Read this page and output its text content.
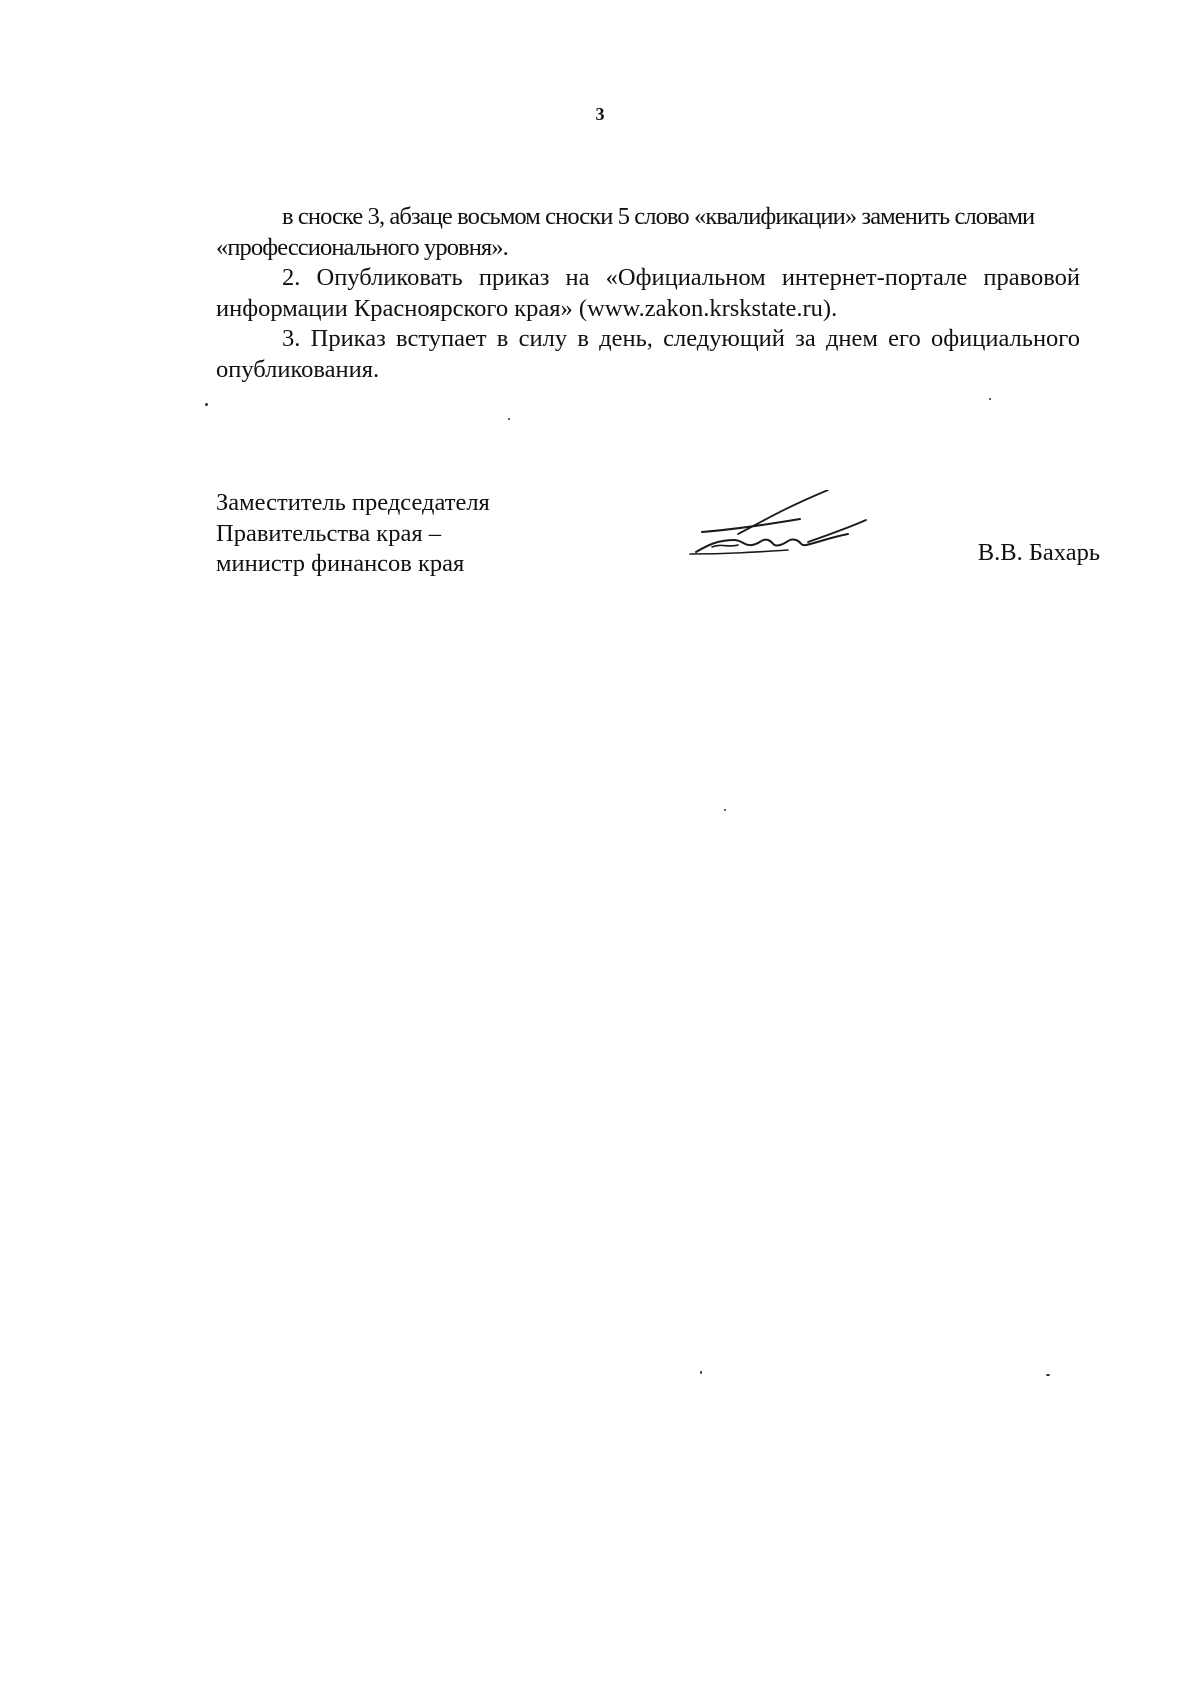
3

в сноске 3, абзаце восьмом сноски 5 слово «квалификации» заменить словами
«профессионального уровня».

2. Опубликовать приказ на «Официальном интернет-портале правовой информации Красноярского края» (www.zakon.krskstate.ru).

3. Приказ вступает в силу в день, следующий за днем его официального опубликования.

Заместитель председателя
Правительства края –
министр финансов края	В.В. Бахарь
